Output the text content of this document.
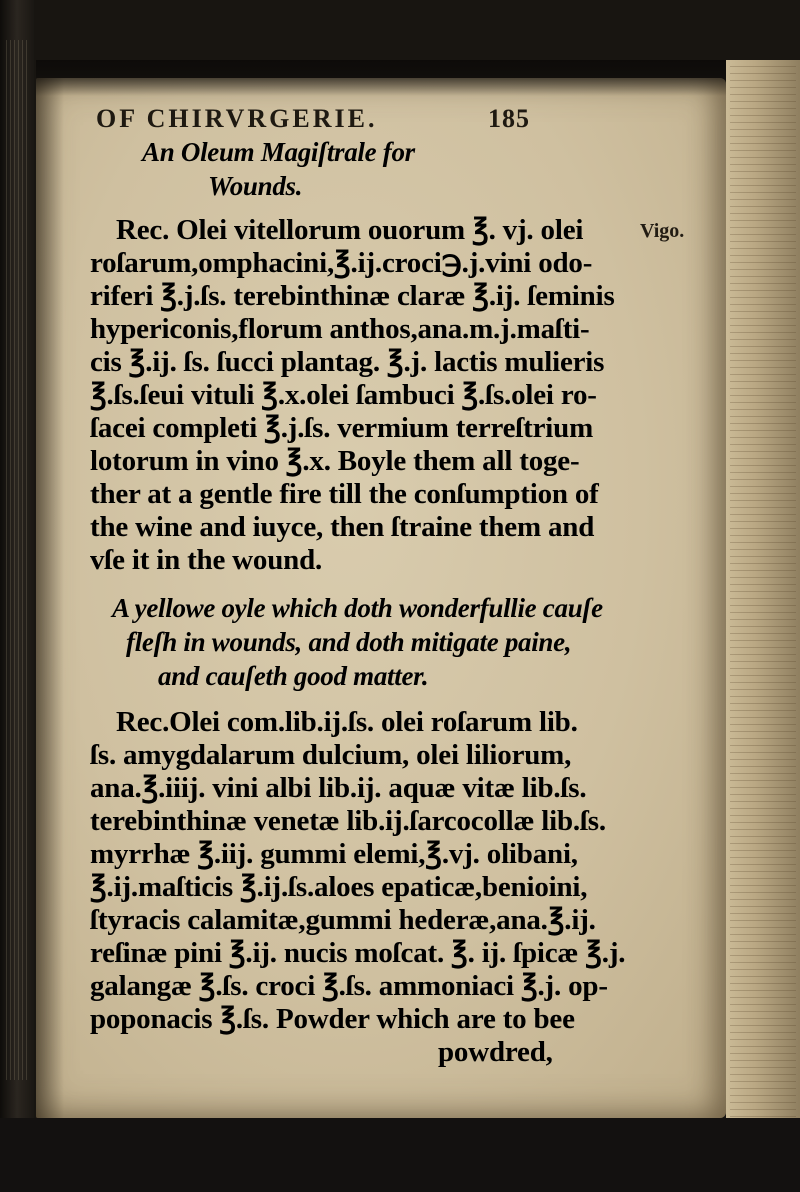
OF CHIRVRGERIE.	185
An Oleum Magiſtrale for
Wounds.
Rec. Olei vitellorum ouorum ℥. vj. olei
roſarum,omphacini,℥.ij.croci℈.j.vini odo-
riferi ℥.j.ſs. terebinthinæ claræ ℥.ij. ſeminis
hypericonis,florum anthos,ana.m.j.maſti-
cis ℥.ij. ſs. ſucci plantag. ℥.j. lactis mulieris
℥.ſs.ſeui vituli ℥.x.olei ſambuci ℥.ſs.olei ro-
ſacei completi ℥.j.ſs. vermium terreſtrium
lotorum in vino ℥.x. Boyle them all toge-
ther at a gentle fire till the conſumption of
the wine and iuyce, then ſtraine them and
vſe it in the wound.
Vigo.
A yellowe oyle which doth wonderfullie cauſe
fleſh in wounds, and doth mitigate paine,
and cauſeth good matter.
Rec.Olei com.lib.ij.ſs. olei roſarum lib.
ſs. amygdalarum dulcium, olei liliorum,
ana.℥.iiij. vini albi lib.ij. aquæ vitæ lib.ſs.
terebinthinæ venetæ lib.ij.ſarcocollæ lib.ſs.
myrrhæ ℥.iij. gummi elemi,℥.vj. olibani,
℥.ij.maſticis ℥.ij.ſs.aloes epaticæ,benioini,
ſtyracis calamitæ,gummi hederæ,ana.℥.ij.
reſinæ pini ℥.ij. nucis moſcat. ℥. ij. ſpicæ ℥.j.
galangæ ℥.ſs. croci ℥.ſs. ammoniaci ℥.j. op-
poponacis ℥.ſs. Powder which are to bee
powdred,
